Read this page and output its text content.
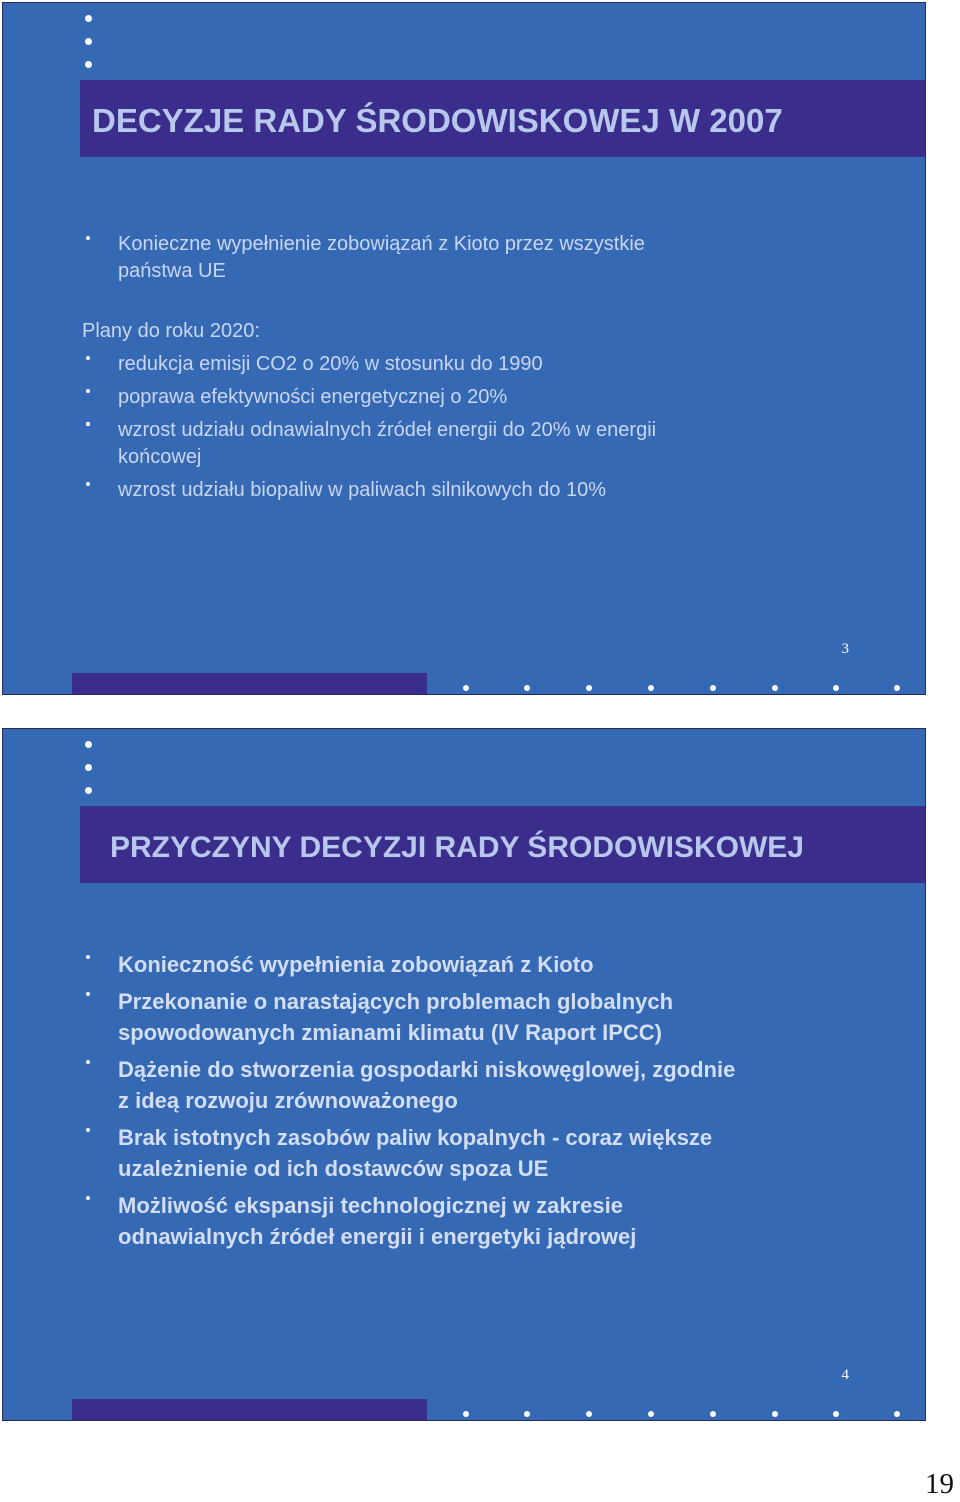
DECYZJE RADY ŚRODOWISKOWEJ W 2007
Konieczne wypełnienie zobowiązań z Kioto przez wszystkie
państwa UE
Plany do roku 2020:
redukcja emisji CO2 o 20% w stosunku do 1990
poprawa efektywności energetycznej o 20%
wzrost udziału odnawialnych źródeł energii do 20% w energii
końcowej
wzrost udziału biopaliw w paliwach silnikowych do 10%
3
PRZYCZYNY DECYZJI RADY ŚRODOWISKOWEJ
Konieczność wypełnienia zobowiązań z Kioto
Przekonanie o narastających problemach globalnych
spowodowanych zmianami klimatu (IV Raport IPCC)
Dążenie do stworzenia gospodarki niskowęglowej, zgodnie
z ideą rozwoju zrównoważonego
Brak istotnych zasobów paliw kopalnych - coraz większe
uzależnienie od ich dostawców spoza UE
Możliwość ekspansji technologicznej w zakresie
odnawialnych źródeł energii i energetyki jądrowej
4
19
